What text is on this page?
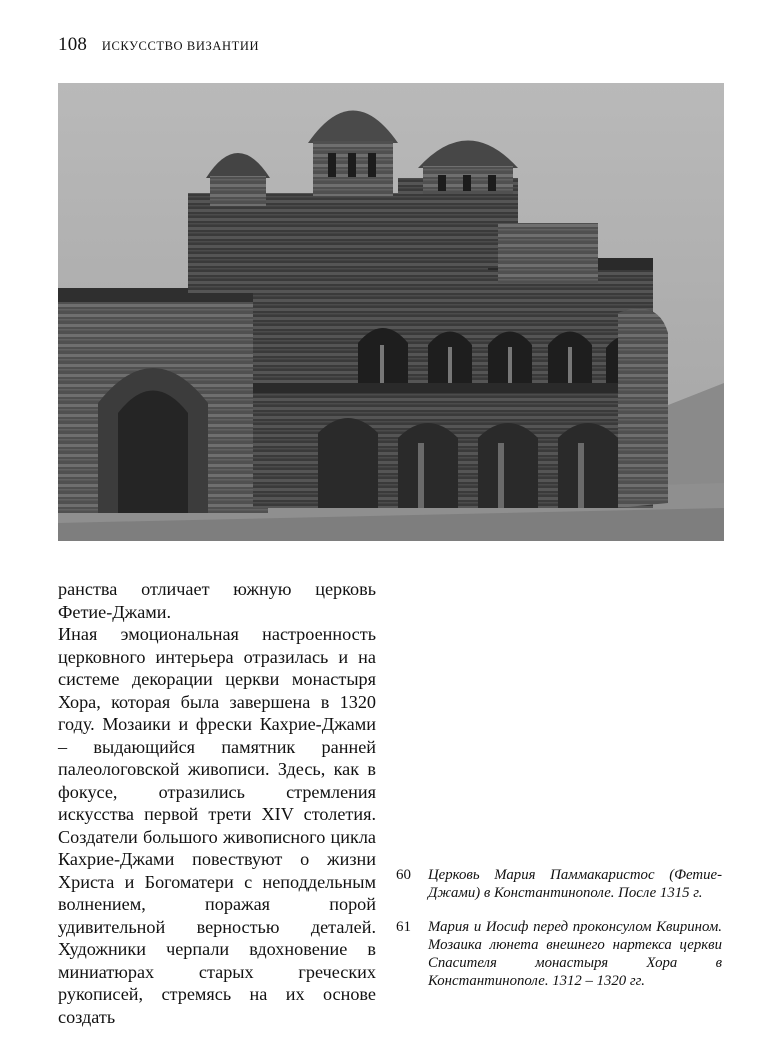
108 ИСКУССТВО ВИЗАНТИИ

ранства отличает южную церковь Фетие-Джами.

Иная эмоциональная настроенность церковного интерьера отразилась и на системе декорации церкви монастыря Хора, которая была завершена в 1320 году. Мозаики и фрески Кахрие-Джами – выдающийся памятник ранней палеологовской живописи. Здесь, как в фокусе, отразились стремления искусства первой трети XIV столетия. Создатели большого живописного цикла Кахрие-Джами повествуют о жизни Христа и Богоматери с неподдельным волнением, поражая порой удивительной верностью деталей. Художники черпали вдохновение в миниатюрах старых греческих рукописей, стремясь на их основе создать

60 Церковь Мария Паммакаристос (Фетие-Джами) в Константинополе. После 1315 г.
61 Мария и Иосиф перед проконсулом Квирином. Мозаика люнета внешнего нартекса церкви Спасителя монастыря Хора в Константинополе. 1312 – 1320 гг.
